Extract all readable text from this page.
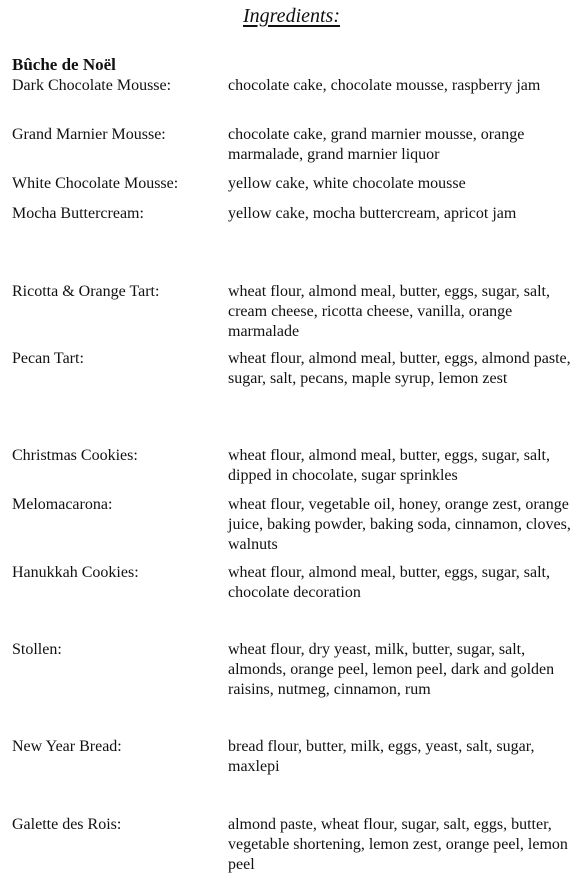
Ingredients:
Bûche de Noël
Dark Chocolate Mousse:	chocolate cake, chocolate mousse, raspberry jam
Grand Marnier Mousse:	chocolate cake, grand marnier mousse, orange marmalade, grand marnier liquor
White Chocolate Mousse:	yellow cake, white chocolate mousse
Mocha Buttercream:	yellow cake, mocha buttercream, apricot jam
Ricotta & Orange Tart:	wheat flour, almond meal, butter, eggs, sugar, salt, cream cheese, ricotta cheese, vanilla, orange marmalade
Pecan Tart:	wheat flour, almond meal, butter, eggs, almond paste, sugar, salt, pecans, maple syrup, lemon zest
Christmas Cookies:	wheat flour, almond meal, butter, eggs, sugar, salt, dipped in chocolate, sugar sprinkles
Melomacarona:	wheat flour, vegetable oil, honey, orange zest, orange juice, baking powder, baking soda, cinnamon, cloves, walnuts
Hanukkah Cookies:	wheat flour, almond meal, butter, eggs, sugar, salt, chocolate decoration
Stollen:	wheat flour, dry yeast, milk, butter, sugar, salt, almonds, orange peel, lemon peel, dark and golden raisins, nutmeg, cinnamon, rum
New Year Bread:	bread flour, butter, milk, eggs, yeast, salt, sugar, maxlepi
Galette des Rois:	almond paste, wheat flour, sugar, salt, eggs, butter, vegetable shortening, lemon zest, orange peel, lemon peel
